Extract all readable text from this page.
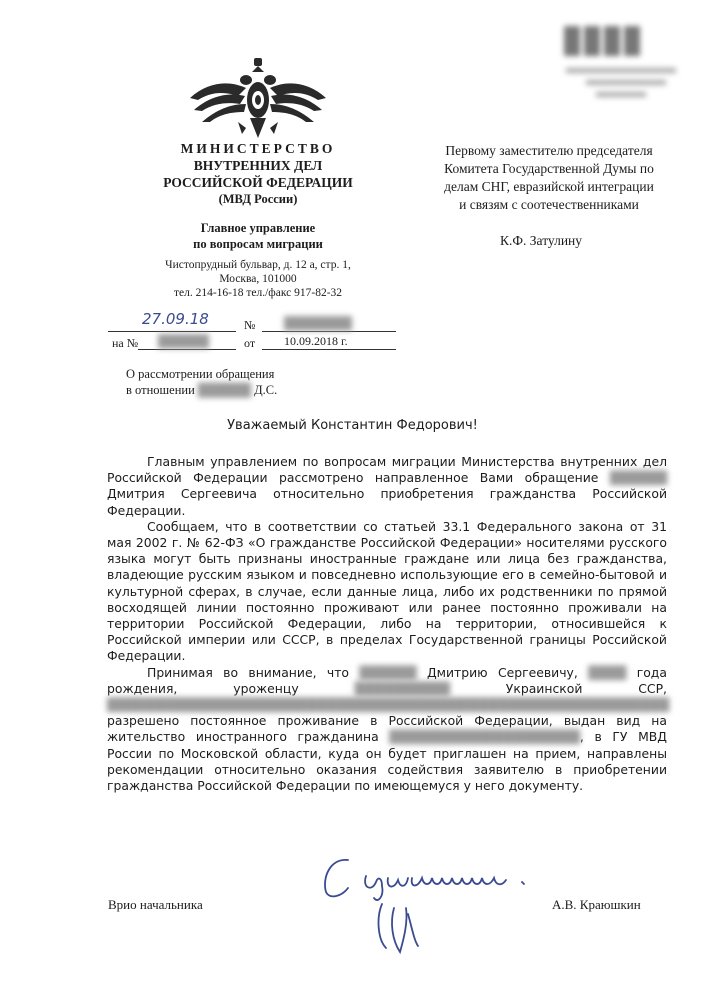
МИНИСТЕРСТВО
ВНУТРЕННИХ ДЕЛ
РОССИЙСКОЙ ФЕДЕРАЦИИ
(МВД России)
Главное управление
по вопросам миграции
Чистопрудный бульвар, д. 12 а, стр. 1,
Москва, 101000
тел. 214-16-18 тел./факс 917-82-32
27.09.18	№ ████████
на № ██████	от 10.09.2018 г.
О рассмотрении обращения
в отношении ██████ Д.С.
Первому заместителю председателя
Комитета Государственной Думы по
делам СНГ, евразийской интеграции
и связям с соотечественниками
К.Ф. Затулину
Уважаемый Константин Федорович!

Главным управлением по вопросам миграции Министерства внутренних дел Российской Федерации рассмотрено направленное Вами обращение ██████ Дмитрия Сергеевича относительно приобретения гражданства Российской Федерации.

Сообщаем, что в соответствии со статьей 33.1 Федерального закона от 31 мая 2002 г. № 62-ФЗ «О гражданстве Российской Федерации» носителями русского языка могут быть признаны иностранные граждане или лица без гражданства, владеющие русским языком и повседневно использующие его в семейно-бытовой и культурной сферах, в случае, если данные лица, либо их родственники по прямой восходящей линии постоянно проживают или ранее постоянно проживали на территории Российской Федерации, либо на территории, относившейся к Российской империи или СССР, в пределах Государственной границы Российской Федерации.

Принимая во внимание, что ██████ Дмитрию Сергеевичу, ████ года рождения, уроженцу	██████████	Украинской ССР, ███████████████████████████████████████████████████████████ разрешено постоянное проживание в Российской Федерации, выдан вид на жительство иностранного гражданина ████████████████████, в ГУ МВД России по Московской области, куда он будет приглашен на прием, направлены рекомендации относительно оказания содействия заявителю в приобретении гражданства Российской Федерации по имеющемуся у него документу.

Врио начальника	А.В. Краюшкин
